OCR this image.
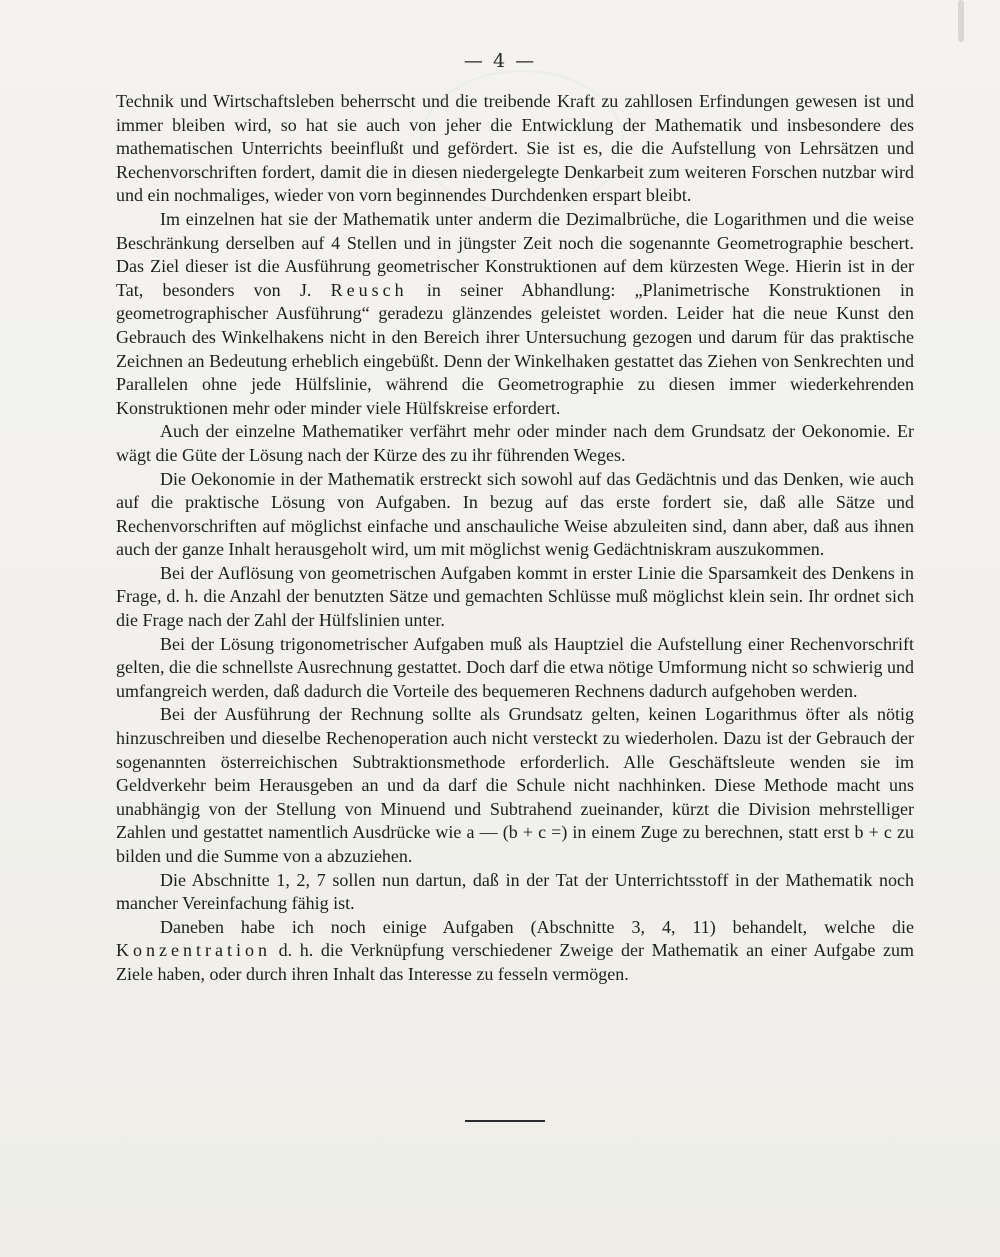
— 4 —

Technik und Wirtschaftsleben beherrscht und die treibende Kraft zu zahllosen Erfindungen gewesen ist und immer bleiben wird, so hat sie auch von jeher die Entwicklung der Mathematik und insbesondere des mathematischen Unterrichts beeinflußt und gefördert. Sie ist es, die die Aufstellung von Lehrsätzen und Rechenvorschriften fordert, damit die in diesen niedergelegte Denkarbeit zum weiteren Forschen nutzbar wird und ein nochmaliges, wieder von vorn beginnendes Durchdenken erspart bleibt.

Im einzelnen hat sie der Mathematik unter anderm die Dezimalbrüche, die Logarithmen und die weise Beschränkung derselben auf 4 Stellen und in jüngster Zeit noch die sogenannte Geometrographie beschert. Das Ziel dieser ist die Ausführung geometrischer Konstruktionen auf dem kürzesten Wege. Hierin ist in der Tat, besonders von J. Reusch in seiner Abhandlung: „Planimetrische Konstruktionen in geometrographischer Ausführung“ geradezu glänzendes geleistet worden. Leider hat die neue Kunst den Gebrauch des Winkelhakens nicht in den Bereich ihrer Untersuchung gezogen und darum für das praktische Zeichnen an Bedeutung erheblich eingebüßt. Denn der Winkelhaken gestattet das Ziehen von Senkrechten und Parallelen ohne jede Hülfslinie, während die Geometrographie zu diesen immer wiederkehrenden Konstruktionen mehr oder minder viele Hülfskreise erfordert.

Auch der einzelne Mathematiker verfährt mehr oder minder nach dem Grundsatz der Oekonomie. Er wägt die Güte der Lösung nach der Kürze des zu ihr führenden Weges.

Die Oekonomie in der Mathematik erstreckt sich sowohl auf das Gedächtnis und das Denken, wie auch auf die praktische Lösung von Aufgaben. In bezug auf das erste fordert sie, daß alle Sätze und Rechenvorschriften auf möglichst einfache und anschauliche Weise abzuleiten sind, dann aber, daß aus ihnen auch der ganze Inhalt herausgeholt wird, um mit möglichst wenig Gedächtniskram auszukommen.

Bei der Auflösung von geometrischen Aufgaben kommt in erster Linie die Sparsamkeit des Denkens in Frage, d. h. die Anzahl der benutzten Sätze und gemachten Schlüsse muß möglichst klein sein. Ihr ordnet sich die Frage nach der Zahl der Hülfslinien unter.

Bei der Lösung trigonometrischer Aufgaben muß als Hauptziel die Aufstellung einer Rechenvorschrift gelten, die die schnellste Ausrechnung gestattet. Doch darf die etwa nötige Umformung nicht so schwierig und umfangreich werden, daß dadurch die Vorteile des bequemeren Rechnens dadurch aufgehoben werden.

Bei der Ausführung der Rechnung sollte als Grundsatz gelten, keinen Logarithmus öfter als nötig hinzuschreiben und dieselbe Rechenoperation auch nicht versteckt zu wiederholen. Dazu ist der Gebrauch der sogenannten österreichischen Subtraktionsmethode erforderlich. Alle Geschäftsleute wenden sie im Geldverkehr beim Herausgeben an und da darf die Schule nicht nachhinken. Diese Methode macht uns unabhängig von der Stellung von Minuend und Subtrahend zueinander, kürzt die Division mehrstelliger Zahlen und gestattet namentlich Ausdrücke wie a — (b + c =) in einem Zuge zu berechnen, statt erst b + c zu bilden und die Summe von a abzuziehen.

Die Abschnitte 1, 2, 7 sollen nun dartun, daß in der Tat der Unterrichtsstoff in der Mathematik noch mancher Vereinfachung fähig ist.

Daneben habe ich noch einige Aufgaben (Abschnitte 3, 4, 11) behandelt, welche die Konzentration d. h. die Verknüpfung verschiedener Zweige der Mathematik an einer Aufgabe zum Ziele haben, oder durch ihren Inhalt das Interesse zu fesseln vermögen.
